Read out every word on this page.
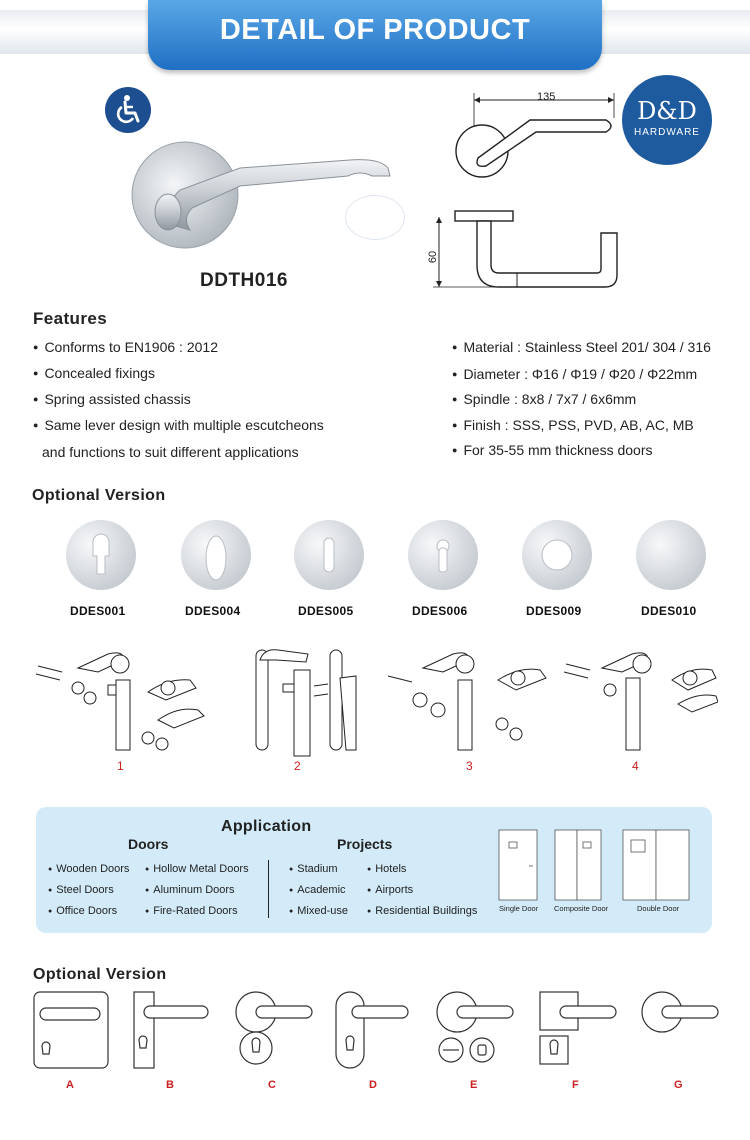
DETAIL OF PRODUCT
D&D
HARDWARE
DDTH016
135
60
Features
● Conforms to EN1906 : 2012
● Concealed fixings
● Spring assisted chassis
● Same lever design with multiple escutcheons
and functions to suit different applications
● Material : Stainless Steel 201/ 304 / 316
● Diameter : Φ16 / Φ19 / Φ20 / Φ22mm
● Spindle : 8x8 / 7x7 / 6x6mm
● Finish : SSS, PSS, PVD, AB, AC, MB
● For 35-55 mm thickness doors
Optional Version
DDES001	DDES004	DDES005	DDES006	DDES009	DDES010
1	2	3	4
Application
Doors	Projects
● Wooden Doors
● Steel Doors
● Office Doors
● Hollow Metal Doors
● Aluminum Doors
● Fire-Rated Doors
● Stadium
● Academic
● Mixed-use
● Hotels
● Airports
● Residential Buildings	Single Door Composite Door	Double Door
Optional Version
A	B	C	D	E	F	G
